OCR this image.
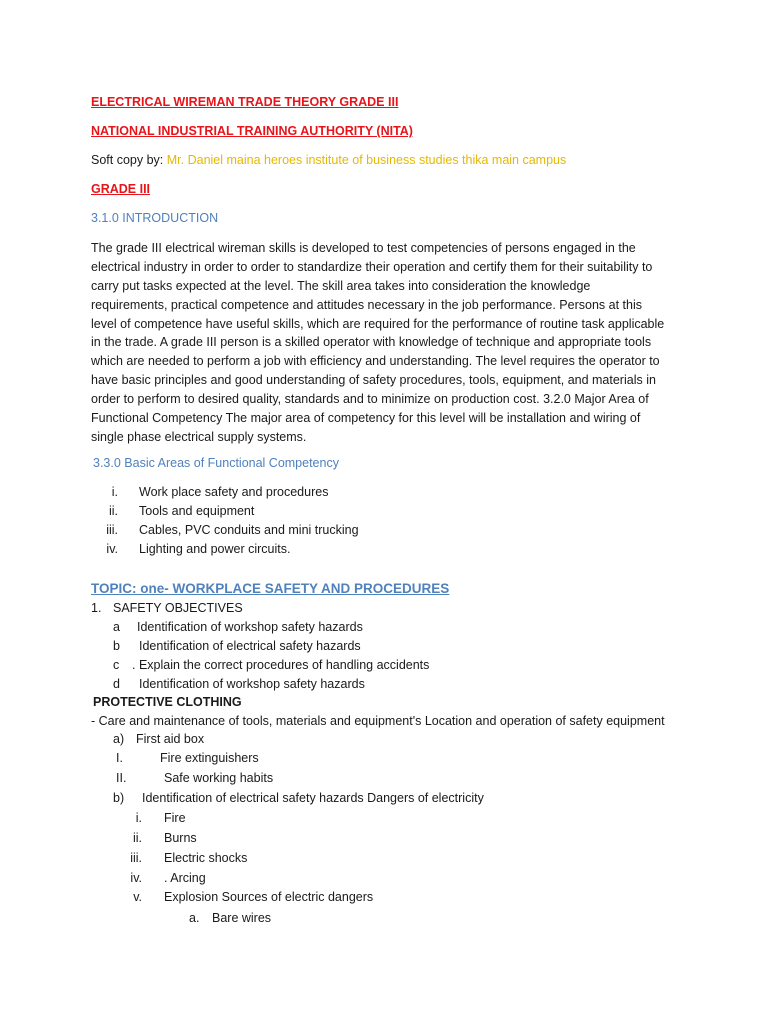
ELECTRICAL WIREMAN TRADE THEORY GRADE III
NATIONAL INDUSTRIAL TRAINING AUTHORITY (NITA)
Soft copy by: Mr. Daniel maina heroes institute of business studies thika main campus
GRADE III
3.1.0 INTRODUCTION
The grade III electrical wireman skills is developed to test competencies of persons engaged in the
electrical industry in order to order to standardize their operation and certify them for their suitability to
carry put tasks expected at the level. The skill area takes into consideration the knowledge
requirements, practical competence and attitudes necessary in the job performance. Persons at this
level of competence have useful skills, which are required for the performance of routine task applicable
in the trade. A grade III person is a skilled operator with knowledge of technique and appropriate tools
which are needed to perform a job with efficiency and understanding. The level requires the operator to
have basic principles and good understanding of safety procedures, tools, equipment, and materials in
order to perform to desired quality, standards and to minimize on production cost. 3.2.0 Major Area of
Functional Competency The major area of competency for this level will be installation and wiring of
single phase electrical supply systems.
3.3.0 Basic Areas of Functional Competency
i. Work place safety and procedures
ii. Tools and equipment
iii. Cables, PVC conduits and mini trucking
iv. Lighting and power circuits.
TOPIC: one- WORKPLACE SAFETY AND PROCEDURES
1. SAFETY OBJECTIVES
a Identification of workshop safety hazards
b Identification of electrical safety hazards
c . Explain the correct procedures of handling accidents
d Identification of workshop safety hazards
PROTECTIVE CLOTHING
- Care and maintenance of tools, materials and equipment's Location and operation of safety equipment
a) First aid box
I.	Fire extinguishers
II.	Safe working habits
b) Identification of electrical safety hazards Dangers of electricity
i. Fire
ii. Burns
iii. Electric shocks
iv. . Arcing
v. Explosion Sources of electric dangers
a. Bare wires
